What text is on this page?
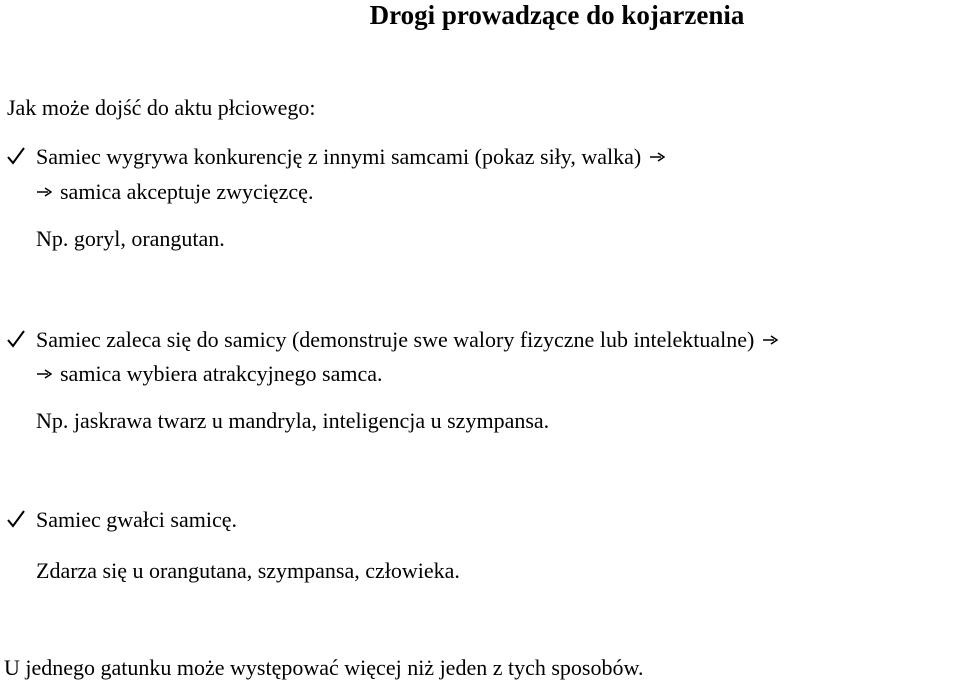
Drogi prowadzące do kojarzenia
Jak może dojść do aktu płciowego:
Samiec wygrywa konkurencję z innymi samcami (pokaz siły, walka)
samica akceptuje zwycięzcę.
Np. goryl, orangutan.
Samiec zaleca się do samicy (demonstruje swe walory fizyczne lub intelektualne)
samica wybiera atrakcyjnego samca.
Np. jaskrawa twarz u mandryla, inteligencja u szympansa.
Samiec gwałci samicę.
Zdarza się u orangutana, szympansa, człowieka.
U jednego gatunku może występować więcej niż jeden z tych sposobów.
